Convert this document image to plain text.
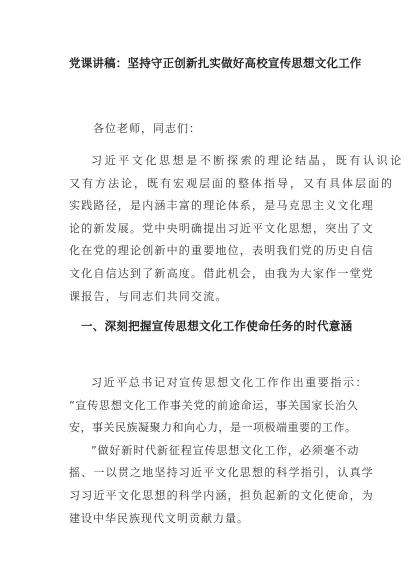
党课讲稿：坚持守正创新扎实做好高校宣传思想文化工作
各位老师，同志们：
习近平文化思想是不断探索的理论结晶，既有认识论
又有方法论，既有宏观层面的整体指导，又有具体层面的
实践路径，是内涵丰富的理论体系，是马克思主义文化理
论的新发展。党中央明确提出习近平文化思想，突出了文
化在党的理论创新中的重要地位，表明我们党的历史自信
文化自信达到了新高度。借此机会，由我为大家作一堂党
课报告，与同志们共同交流。
一、深刻把握宣传思想文化工作使命任务的时代意涵
习近平总书记对宣传思想文化工作作出重要指示：
“宣传思想文化工作事关党的前途命运，事关国家长治久
安，事关民族凝聚力和向心力，是一项极端重要的工作。
”做好新时代新征程宣传思想文化工作，必须毫不动
摇、一以贯之地坚持习近平文化思想的科学指引，认真学
习习近平文化思想的科学内涵，担负起新的文化使命，为
建设中华民族现代文明贡献力量。
